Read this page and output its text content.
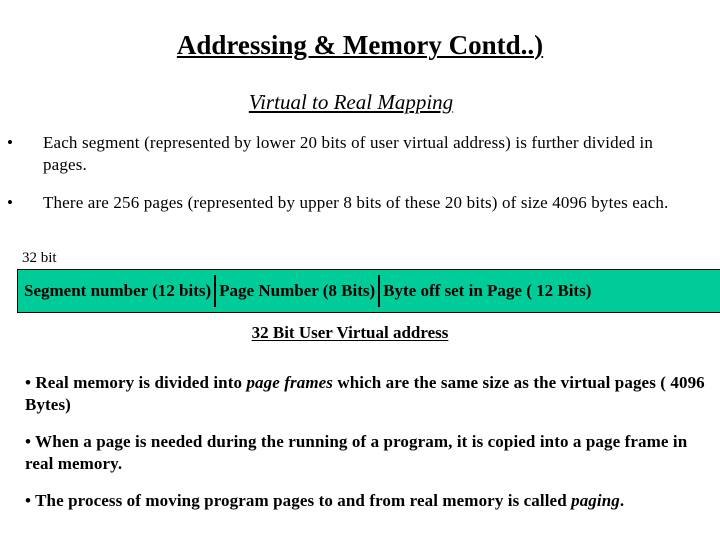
Addressing & Memory Contd..)
Virtual to Real Mapping
• Each segment (represented by lower 20 bits of user virtual address) is further divided in pages.
• There are 256 pages (represented by upper 8 bits of these 20 bits) of size 4096 bytes each.
32 bit
Segment number (12 bits) Page Number (8 Bits) Byte off set in Page ( 12 Bits)
32 Bit User Virtual address
• Real memory is divided into page frames which are the same size as the virtual pages ( 4096 Bytes)
• When a page is needed during the running of a program, it is copied into a page frame in real memory.
• The process of moving program pages to and from real memory is called paging.
